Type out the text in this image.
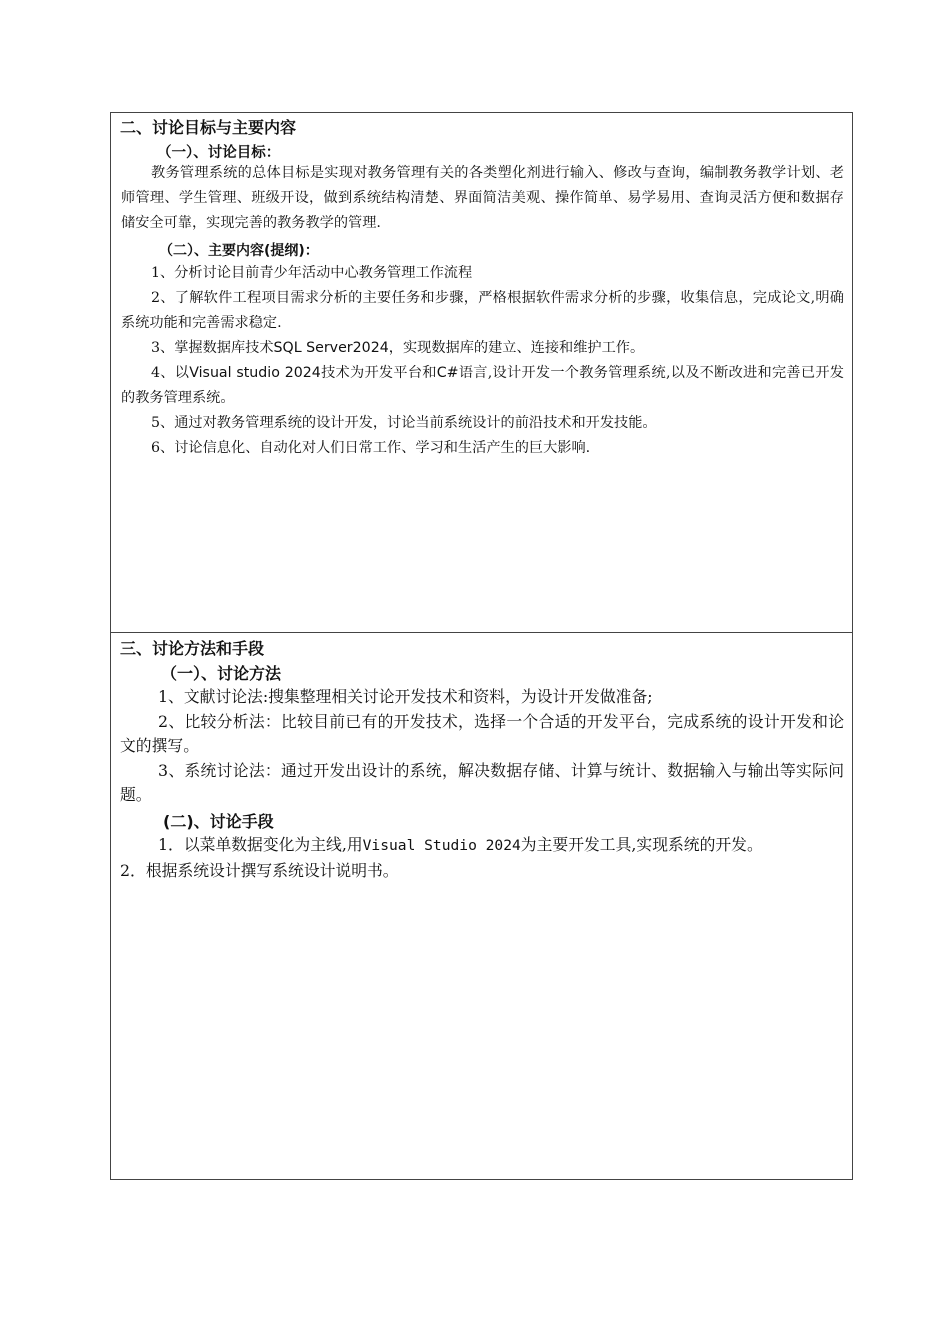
二、讨论目标与主要内容
（一）、讨论目标：

教务管理系统的总体目标是实现对教务管理有关的各类塑化剂进行输入、修改与查询，编制教务教学计划、老师管理、学生管理、班级开设，做到系统结构清楚、界面简洁美观、操作简单、易学易用、查询灵活方便和数据存储安全可靠，实现完善的教务教学的管理.

（二）、主要内容(提纲)：

1、分析讨论目前青少年活动中心教务管理工作流程

2、了解软件工程项目需求分析的主要任务和步骤，严格根据软件需求分析的步骤，收集信息，完成论文,明确系统功能和完善需求稳定.

3、掌握数据库技术SQL Server2024，实现数据库的建立、连接和维护工作。

4、以Visual studio 2024技术为开发平台和C#语言,设计开发一个教务管理系统,以及不断改进和完善已开发的教务管理系统。

5、通过对教务管理系统的设计开发，讨论当前系统设计的前沿技术和开发技能。

6、讨论信息化、自动化对人们日常工作、学习和生活产生的巨大影响.

三、讨论方法和手段
（一）、讨论方法

1、文献讨论法:搜集整理相关讨论开发技术和资料，为设计开发做准备;

2、比较分析法：比较目前已有的开发技术，选择一个合适的开发平台，完成系统的设计开发和论文的撰写。

3、系统讨论法：通过开发出设计的系统，解决数据存储、计算与统计、数据输入与输出等实际问题。

(二)、讨论手段

1．以菜单数据变化为主线,用Visual Studio 2024为主要开发工具,实现系统的开发。

2．根据系统设计撰写系统设计说明书。
